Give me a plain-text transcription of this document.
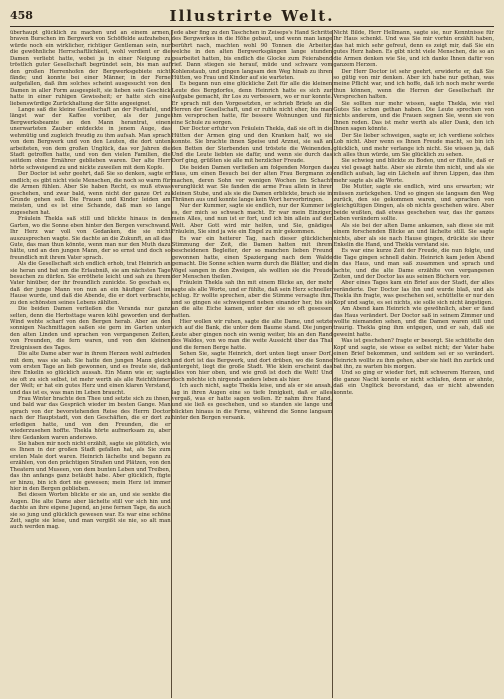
458	Illustrirte Welt.

überhaupt glücklich zu machen und an einem armen, braven Burschen im Bergwerk von Schöffelde aufzuheben, würde noch ein wirklicher, richtiger Gentleman sein, nur die gewöhnliche Herrschaftlichkeit, wohl verdient er die Damen verliebt hatte, wobei ja in einer Neigung zu tröstlich guter Gesellschaft begründet sein, bis man auf den großen Herrenhofen der Bergwerksgebiete nicht fände; und konnte bei einer Männer, in der Ferne aufgefallen, daß ihm solches scheint ausgesucht von den Damen in aller Form ausgespielt, sie lieben sein Geschick hatte in einer ruhigen Gewissheit; er hatte sich eine liebenswürdige Zurückhaltung der Sitte angeeignet.

Lange saß die kleine Gesellschaft an der Festtafel, und längst war der Kaffee vorüber, als der junge Bergwerksbeamte an den Mann herantrat, einen unerwarteten Zauber entdeckte in jenem Auge, das wehmütig und zugleich freudig zu ihm aufsah. Man sprach von dem Bergwerk und von den Leuten, die dort unten arbeiteten, von dem großen Unglück, das vor Jahren die Stadt getroffen hatte, und von den vielen Familien, die seitdem ohne Ernährer geblieben waren. Der alte Herr hörte schweigend zu und nickte zuweilen mit dem Kopfe.

Der Doctor ist sehr geehrt, daß Sie so denken, sagte er endlich; es gibt nicht viele Menschen, die noch so warm für die Armen fühlen. Aber Sie haben Recht, es muß etwas geschehen, und zwar bald, wenn nicht der ganze Ort zu Grunde gehen soll. Die Frauen und Kinder leiden am meisten, und es ist eine Schande, daß man so lange zugesehen hat.

Fräulein Thekla saß still und blickte hinaus in den Garten, wo die Sonne eben hinter den Bergen verschwand. Ihr Herz war voll von Gedanken, die sie nicht auszusprechen wagte. Sie dachte an die Zukunft, an all das Gute, das man thun könnte, wenn man nur den Muth dazu hätte, und an den jungen Mann, der so ernst und doch so freundlich mit ihrem Vater sprach.

Als die Gesellschaft sich endlich erhob, trat Heinrich an sie heran und bat um die Erlaubniß, sie am nächsten Tage besuchen zu dürfen. Sie erröthete leicht und sah zu ihrem Vater hinüber, der ihr freundlich zunickte. So geschah es, daß der junge Mann von nun an ein häufiger Gast im Hause wurde, und daß die Abende, die er dort verbrachte, zu den schönsten seines Lebens zählten.

Die beiden Damen verließen die Veranda nur ganz selten, denn die Herbsttage waren kühl geworden und der Wind wehte scharf von den Bergen herab. Aber an den sonnigen Nachmittagen saßen sie gern im Garten unter den alten Linden und sprachen von vergangenen Zeiten, von Freunden, die fern waren, und von den kleinen Ereignissen des Tages.

Die alte Dame aber war in ihrem Herzen wohl zufrieden mit dem, was sie sah. Sie hatte den jungen Mann gleich vom ersten Tage an lieb gewonnen, und es freute sie, daß ihre Enkelin so glücklich aussah. Ein Mann wie er, sagte sie oft zu sich selbst, ist mehr werth als alle Reichthümer der Welt; er hat ein gutes Herz und einen klaren Verstand, und das ist es, was man im Leben braucht.

Frau Winter brachte den Thee und setzte sich zu ihnen, und bald war das Gespräch wieder im besten Gange. Man sprach von der bevorstehenden Reise des Herrn Doctor nach der Hauptstadt, von den Geschäften, die er dort zu erledigen hatte, und von den Freunden, die er wiederzusehen hoffte. Thekla hörte aufmerksam zu, aber ihre Gedanken waren anderswo.

Sie haben mir noch nicht erzählt, sagte sie plötzlich, wie es Ihnen in der großen Stadt gefallen hat, als Sie zum ersten Male dort waren. Heinrich lächelte und begann zu erzählen, von den prächtigen Straßen und Plätzen, von den Theatern und Museen, von dem bunten Leben und Treiben, das ihn anfangs ganz betäubt habe. Aber glücklich, fügte er hinzu, bin ich dort nie gewesen; mein Herz ist immer hier in den Bergen geblieben.

Bei diesen Worten blickte er sie an, und sie senkte die Augen. Die alte Dame aber lächelte still vor sich hin und dachte an ihre eigene Jugend, an jene fernen Tage, da auch sie so jung und glücklich gewesen war. Es war eine schöne Zeit, sagte sie leise, und man vergißt sie nie, so alt man auch werden mag.

Jede aber fing zu den Taschchen in Zeiseps's Hand Schritte des Bergwerkes in die Höhe gebaut, und wenn man lange berührt nach, machten wohl 90 Tonnen die Arbeiter, welche in den alten Bergwerksgängen lange stunden gearbeitet hatten, bis endlich die Glocke zum Feierabend rief. Dann stiegen sie herauf, müde und schwarz vom Kohlenstaub, und gingen langsam den Weg hinab zu ihren Hütten, wo Frau und Kinder auf sie warteten.

Es begann nun eine glückliche Zeit für alle die kleinen Leute des Bergdorfes, denn Heinrich hatte es sich zur Aufgabe gemacht, ihr Los zu verbessern, wo er nur konnte. Er sprach mit den Vorgesetzten, er schrieb Briefe an die Herren der Gesellschaft, und er ruhte nicht eher, bis man ihm versprochen hatte, für bessere Wohnungen und für eine Schule zu sorgen.

Der Doctor erfuhr von Fräulein Thekla, daß sie oft in die Hütten der Armen ging und den Kranken half, wo sie konnte. Sie brachte ihnen Speise und Arznei, sie saß an den Betten der Sterbenden und tröstete die Weinenden. Und die Leute liebten sie dafür, und wenn sie durch das Dorf ging, grüßten sie alle mit herzlicher Freude.

Die beiden Damen verließen am folgenden Morgen das Haus, um einen Besuch bei der alten Frau Bergmann zu machen, deren Sohn vor wenigen Wochen im Schacht verunglückt war. Sie fanden die arme Frau allein in ihrer kleinen Stube, und als sie die Damen erblickte, brach sie in Thränen aus und konnte lange kein Wort hervorbringen.

Nur der Kummer, sagte sie endlich, nur der Kummer ist es, der mich so schwach macht. Er war mein Einziger, mein Alles, und nun ist er fort, und ich bin allein auf der Welt. Aber Gott wird mir helfen, und Sie, gnädiges Fräulein, Sie sind ja wie ein Engel zu mir gekommen.

Es war ein heiterer Tag, nach dieser glücklichen Stimmung der Zeit, die Damen hatten mit ihrem bescheidenen Begleiter, der so manchen lieben Freund gewonnen hatte, einen Spaziergang nach dem Walde gemacht. Die Sonne schien warm durch die Blätter, und die Vögel sangen in den Zweigen, als wollten sie die Freude der Menschen theilen.

Fräulein Thekla sah ihn mit einem Blicke an, der mehr sagte als alle Worte, und er fühlte, daß sein Herz schneller schlug. Er wollte sprechen, aber die Stimme versagte ihm, und so gingen sie schweigend neben einander her, bis sie an die alte Eiche kamen, unter der sie so oft gesessen hatten.

Hier wollen wir ruhen, sagte die alte Dame, und setzte sich auf die Bank, die unter dem Baume stand. Die jungen Leute aber gingen noch ein wenig weiter, bis an den Rand des Waldes, von wo man die weite Aussicht über das Thal und die fernen Berge hatte.

Sehen Sie, sagte Heinrich, dort unten liegt unser Dorf, und dort ist das Bergwerk, und dort drüben, wo die Sonne untergeht, liegt die große Stadt. Wie klein erscheint das alles von hier oben, und wie groß ist doch die Welt! Und doch möchte ich nirgends anders leben als hier.

Ich auch nicht, sagte Thekla leise, und als er sie ansah, lag in ihren Augen eine so tiefe Innigkeit, daß er alles vergaß, was er hatte sagen wollen. Er nahm ihre Hand, und sie ließ es geschehen, und so standen sie lange und blickten hinaus in die Ferne, während die Sonne langsam hinter den Bergen versank.

Nicht Bilde, Herr Hellmann, sagte sie, nur Kenntnisse für Ihr Haus schenkt. Und was Sie mir vorhin erzählt haben, das hat mich sehr gefreut, denn es zeigt mir, daß Sie ein gutes Herz haben. Es gibt nicht viele Menschen, die so an die Armen denken wie Sie, und ich danke Ihnen dafür von ganzem Herzen.

Der Herr Doctor ist sehr geehrt, erwiderte er, daß Sie so gütig von mir denken. Aber ich habe nur gethan, was meine Pflicht war, und ich hoffe, daß ich noch mehr werde thun können, wenn die Herren der Gesellschaft ihr Versprechen halten.

Sie sollten nur mehr wissen, sagte Thekla, wie viel Gutes Sie schon gethan haben. Die Leute sprechen von nichts anderem, und die Frauen segnen Sie, wenn sie von Ihnen reden. Das ist mehr werth als aller Dank, den ich Ihnen sagen könnte.

Der Sie lieber schweigen, sagte er, ich verdiene solches Lob nicht. Aber wenn es Ihnen Freude macht, so bin ich glücklich, und mehr verlange ich nicht. Sie wissen ja, daß ich alles thun würde, um Sie glücklich zu sehen.

Sie schwieg und blickte zu Boden, und er fühlte, daß er zu viel gesagt hatte. Aber sie zürnte ihm nicht, und als sie endlich aufsah, lag ein Lächeln auf ihren Lippen, das ihm mehr sagte als alle Worte.

Die Mutter, sagte sie endlich, wird uns erwarten; wir müssen zurückgehen. Und so gingen sie langsam den Weg zurück, den sie gekommen waren, und sprachen von gleichgültigen Dingen, als ob nichts geschehen wäre. Aber beide wußten, daß etwas geschehen war, das ihr ganzes Leben verändern sollte.

Als sie bei der alten Dame ankamen, sah diese sie mit einem forschenden Blicke an und lächelte still. Sie sagte nichts, aber als sie nach Hause gingen, drückte sie ihrer Enkelin die Hand, und Thekla verstand sie.

Es war eine kurze Zeit der Freude, die nun folgte, und die Tage gingen schnell dahin. Heinrich kam jeden Abend in das Haus, und man saß zusammen und sprach und lachte, und die alte Dame erzählte von vergangenen Zeiten, und der Doctor las aus seinen Büchern vor.

Aber eines Tages kam ein Brief aus der Stadt, der alles veränderte. Der Doctor las ihn und wurde blaß, und als Thekla ihn fragte, was geschehen sei, schüttelte er nur den Kopf und sagte, es sei nichts, sie solle sich nicht ängstigen.

Am Abend kam Heinrich wie gewöhnlich, aber er fand das Haus verändert. Der Doctor saß in seinem Zimmer und wollte niemanden sehen, und die Damen waren still und traurig. Thekla ging ihm entgegen, und er sah, daß sie geweint hatte.

Was ist geschehen? fragte er besorgt. Sie schüttelte den Kopf und sagte, sie wisse es selbst nicht; der Vater habe einen Brief bekommen, und seitdem sei er so verändert. Heinrich wollte zu ihm gehen, aber sie hielt ihn zurück und bat ihn, zu warten bis morgen.

Und so ging er wieder fort, mit schwerem Herzen, und die ganze Nacht konnte er nicht schlafen, denn er ahnte, daß ein Unglück bevorstand, das er nicht abwenden konnte.
